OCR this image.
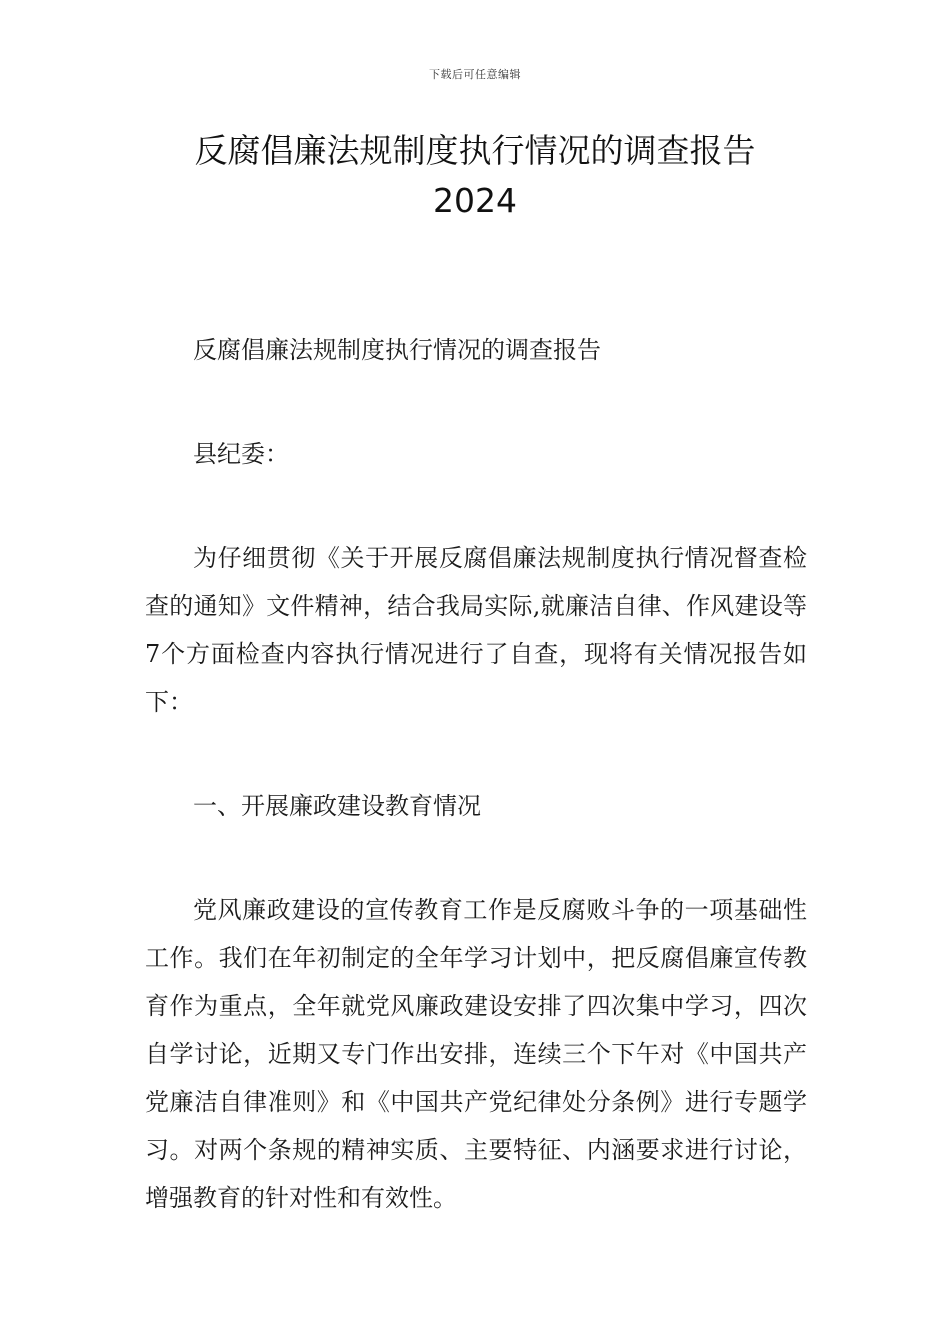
下载后可任意编辑
反腐倡廉法规制度执行情况的调查报告
2024

反腐倡廉法规制度执行情况的调查报告

县纪委：

为仔细贯彻《关于开展反腐倡廉法规制度执行情况督查检查的通知》文件精神，结合我局实际,就廉洁自律、作风建设等7个方面检查内容执行情况进行了自查，现将有关情况报告如下：

一、开展廉政建设教育情况

党风廉政建设的宣传教育工作是反腐败斗争的一项基础性工作。我们在年初制定的全年学习计划中，把反腐倡廉宣传教育作为重点，全年就党风廉政建设安排了四次集中学习，四次自学讨论，近期又专门作出安排，连续三个下午对《中国共产党廉洁自律准则》和《中国共产党纪律处分条例》进行专题学习。对两个条规的精神实质、主要特征、内涵要求进行讨论，增强教育的针对性和有效性。
